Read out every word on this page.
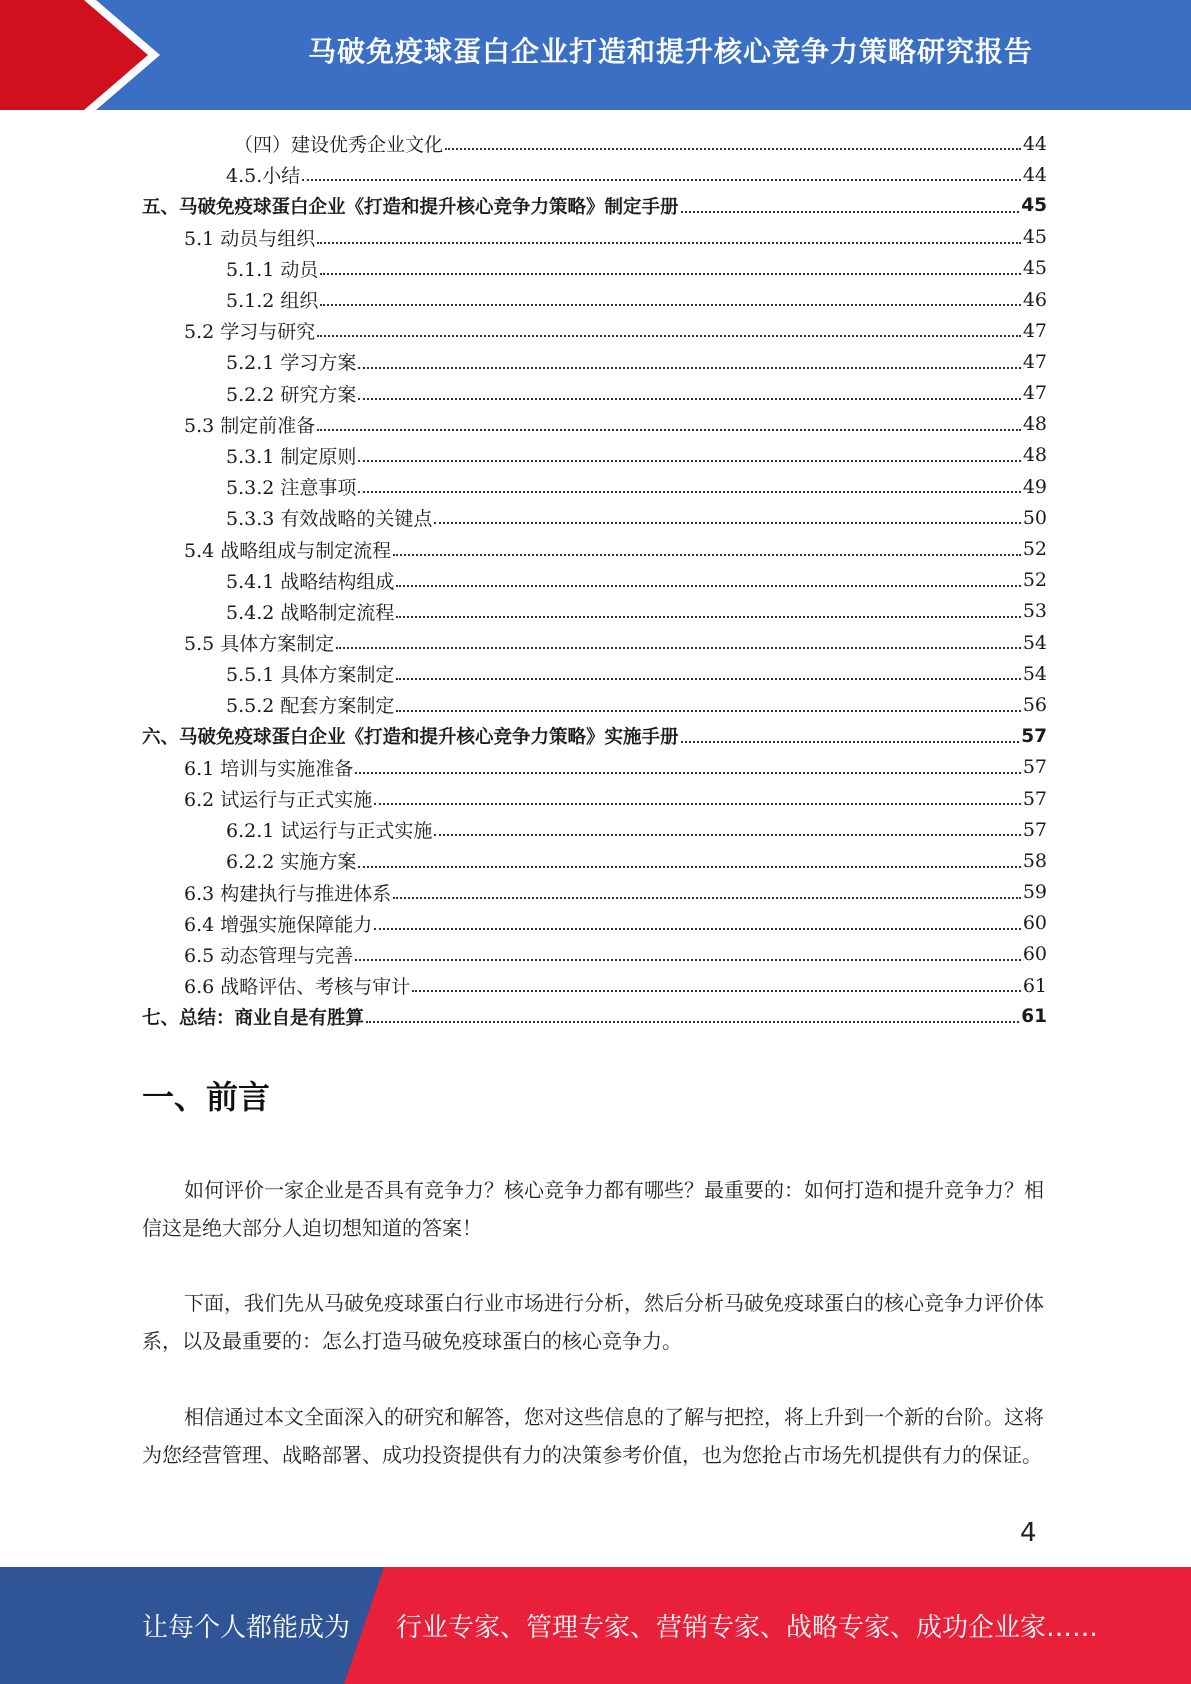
马破免疫球蛋白企业打造和提升核心竞争力策略研究报告
（四）建设优秀企业文化	44
4.5.小结	44
五、马破免疫球蛋白企业《打造和提升核心竞争力策略》制定手册	45
5.1 动员与组织	45
5.1.1 动员	45
5.1.2 组织	46
5.2 学习与研究	47
5.2.1 学习方案	47
5.2.2 研究方案	47
5.3 制定前准备	48
5.3.1 制定原则	48
5.3.2 注意事项	49
5.3.3 有效战略的关键点	50
5.4 战略组成与制定流程	52
5.4.1 战略结构组成	52
5.4.2 战略制定流程	53
5.5 具体方案制定	54
5.5.1 具体方案制定	54
5.5.2 配套方案制定	56
六、马破免疫球蛋白企业《打造和提升核心竞争力策略》实施手册	57
6.1 培训与实施准备	57
6.2 试运行与正式实施	57
6.2.1 试运行与正式实施	57
6.2.2 实施方案	58
6.3 构建执行与推进体系	59
6.4 增强实施保障能力	60
6.5 动态管理与完善	60
6.6 战略评估、考核与审计	61
七、总结：商业自是有胜算	61
一、前言

如何评价一家企业是否具有竞争力？核心竞争力都有哪些？最重要的：如何打造和提升竞争力？相信这是绝大部分人迫切想知道的答案！

下面，我们先从马破免疫球蛋白行业市场进行分析，然后分析马破免疫球蛋白的核心竞争力评价体系，以及最重要的：怎么打造马破免疫球蛋白的核心竞争力。

相信通过本文全面深入的研究和解答，您对这些信息的了解与把控，将上升到一个新的台阶。这将为您经营管理、战略部署、成功投资提供有力的决策参考价值，也为您抢占市场先机提供有力的保证。

4
让每个人都能成为 行业专家、管理专家、营销专家、战略专家、成功企业家……
